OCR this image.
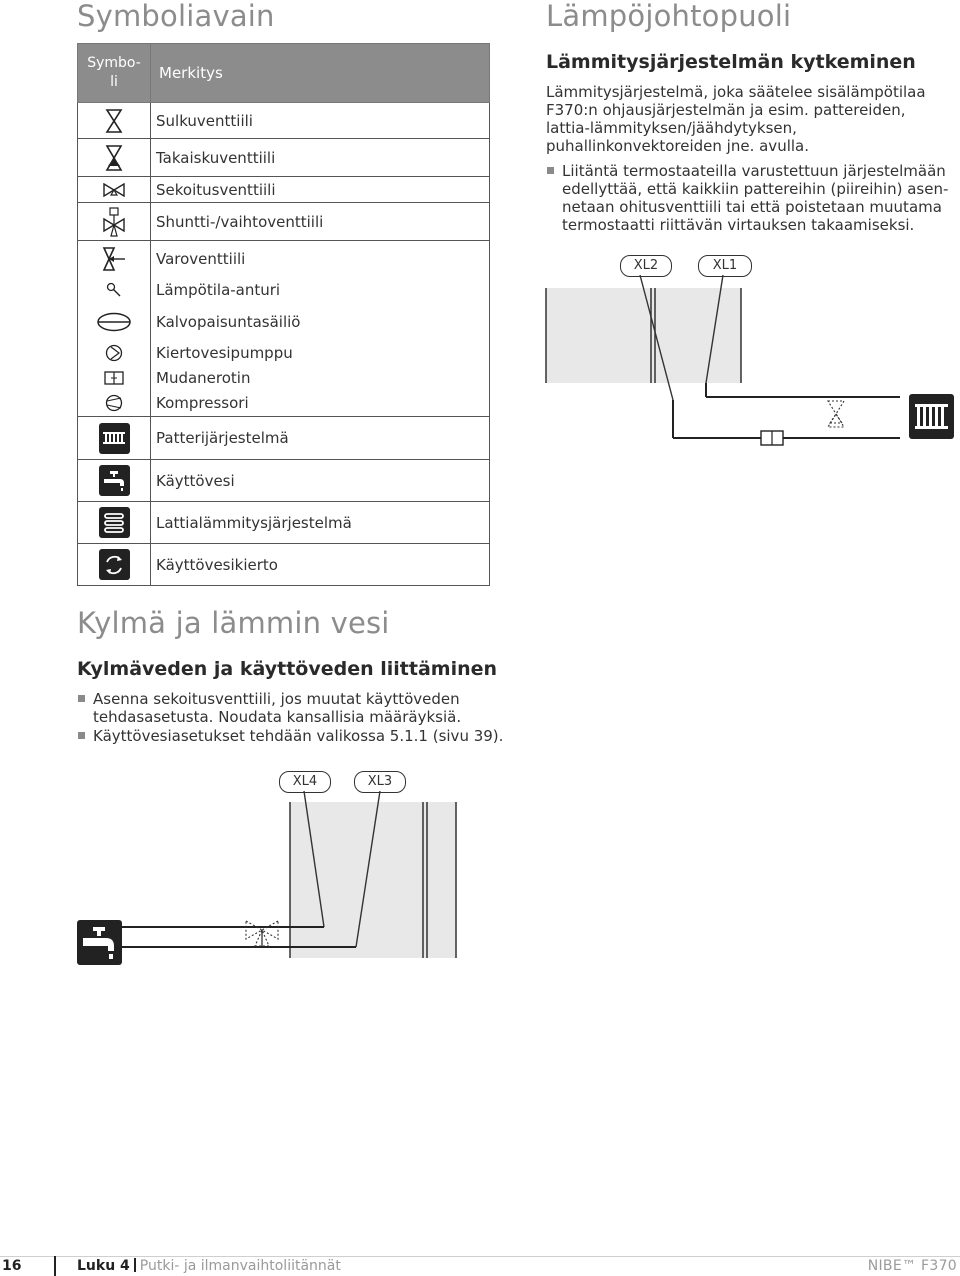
Symboliavain
Symbo-
li	Merkitys

	Sulkuventtiili

	Takaiskuventtiili

	Sekoitusventtiili

	Shuntti-/vaihtoventtiili

	Varoventtiili

	Lämpötila-anturi

	Kalvopaisuntasäiliö

	Kiertovesipumppu

	Mudanerotin

	Kompressori

	Patterijärjestelmä

	Käyttövesi

	Lattialämmitysjärjestelmä

	Käyttövesikierto
Kylmä ja lämmin vesi
Kylmäveden ja käyttöveden liittäminen
Asenna sekoitusventtiili, jos muutat käyttöveden tehdasasetusta. Noudata kansallisia määräyksiä.
Käyttövesiasetukset tehdään valikossa 5.1.1 (sivu 39).
XL4	XL3
Lämpöjohtopuoli
Lämmitysjärjestelmän kytkeminen

Lämmitysjärjestelmä, joka säätelee sisälämpötilaa F370:n ohjausjärjestelmän ja esim. pattereiden, lattia-lämmityksen/jäähdytyksen, puhallinkonvektoreiden jne. avulla.

Liitäntä termostaateilla varustettuun järjestelmään edellyttää, että kaikkiin pattereihin (piireihin) asen-netaan ohitusventtiili tai että poistetaan muutama termostaatti riittävän virtauksen takaamiseksi.
XL2	XL1
16	Luku 4 Putki- ja ilmanvaihtoliitännät	NIBE™ F370
